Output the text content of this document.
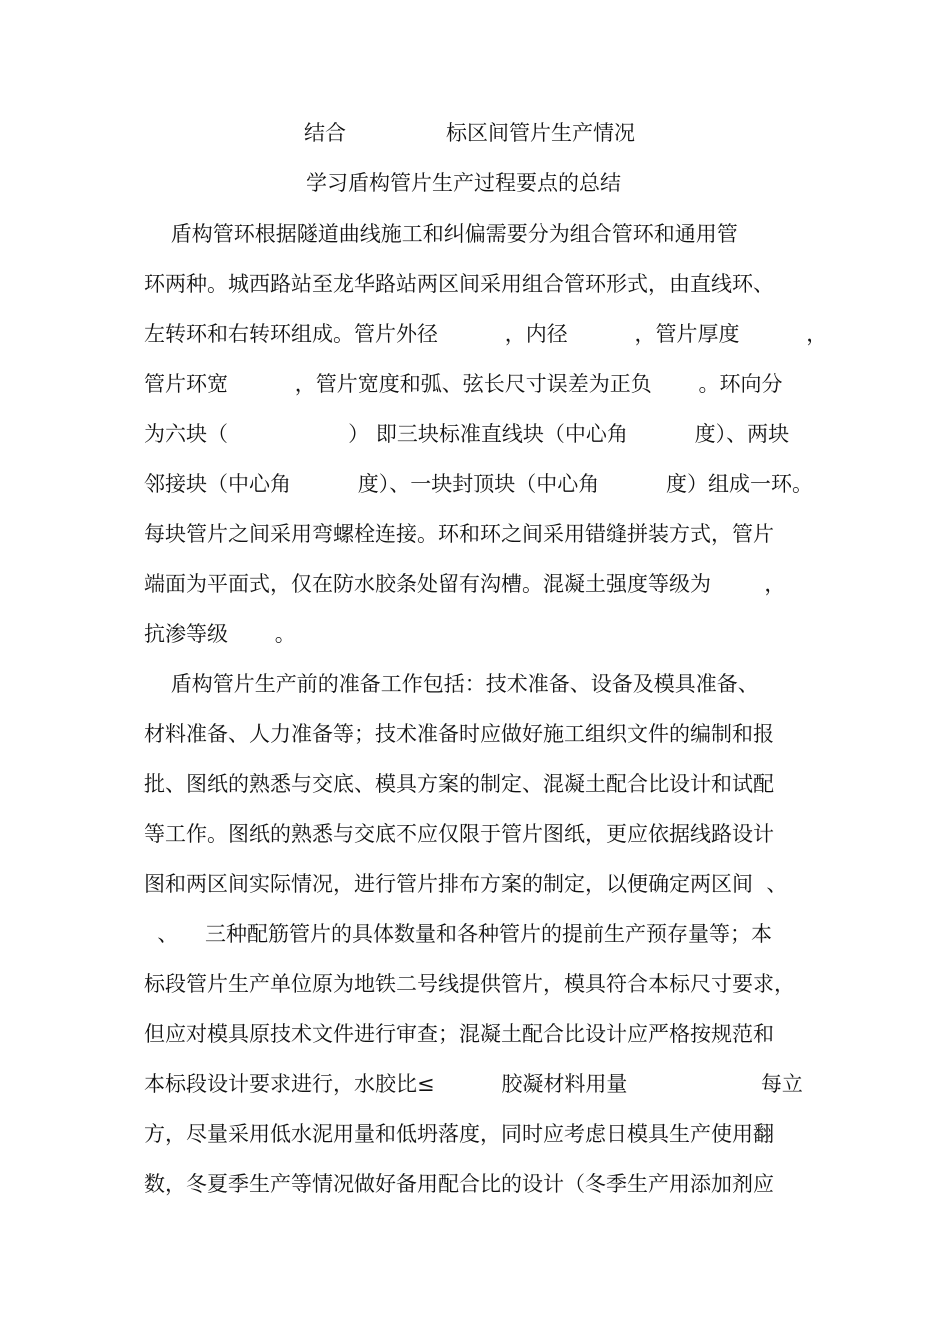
结合	标区间管片生产情况
学习盾构管片生产过程要点的总结
盾构管环根据隧道曲线施工和纠偏需要分为组合管环和通用管
环两种。城西路站至龙华路站两区间采用组合管环形式，由直线环、
左转环和右转环组成。管片外径          ，内径          ，管片厚度          ，
管片环宽          ，管片宽度和弧、弦长尺寸误差为正负       。环向分
为六块（                  ） 即三块标准直线块（中心角          度）、两块
邻接块（中心角          度）、一块封顶块（中心角          度）组成一环。
每块管片之间采用弯螺栓连接。环和环之间采用错缝拼装方式，管片
端面为平面式，仅在防水胶条处留有沟槽。混凝土强度等级为        ，
抗渗等级       。
盾构管片生产前的准备工作包括：技术准备、设备及模具准备、
材料准备、人力准备等；技术准备时应做好施工组织文件的编制和报
批、图纸的熟悉与交底、模具方案的制定、混凝土配合比设计和试配
等工作。图纸的熟悉与交底不应仅限于管片图纸，更应依据线路设计
图和两区间实际情况，进行管片排布方案的制定，以便确定两区间  、
、    三种配筋管片的具体数量和各种管片的提前生产预存量等；本
标段管片生产单位原为地铁二号线提供管片，模具符合本标尺寸要求，
但应对模具原技术文件进行审查；混凝土配合比设计应严格按规范和
本标段设计要求进行，水胶比≤          胶凝材料用量                    每立
方，尽量采用低水泥用量和低坍落度，同时应考虑日模具生产使用翻
数，冬夏季生产等情况做好备用配合比的设计（冬季生产用添加剂应
